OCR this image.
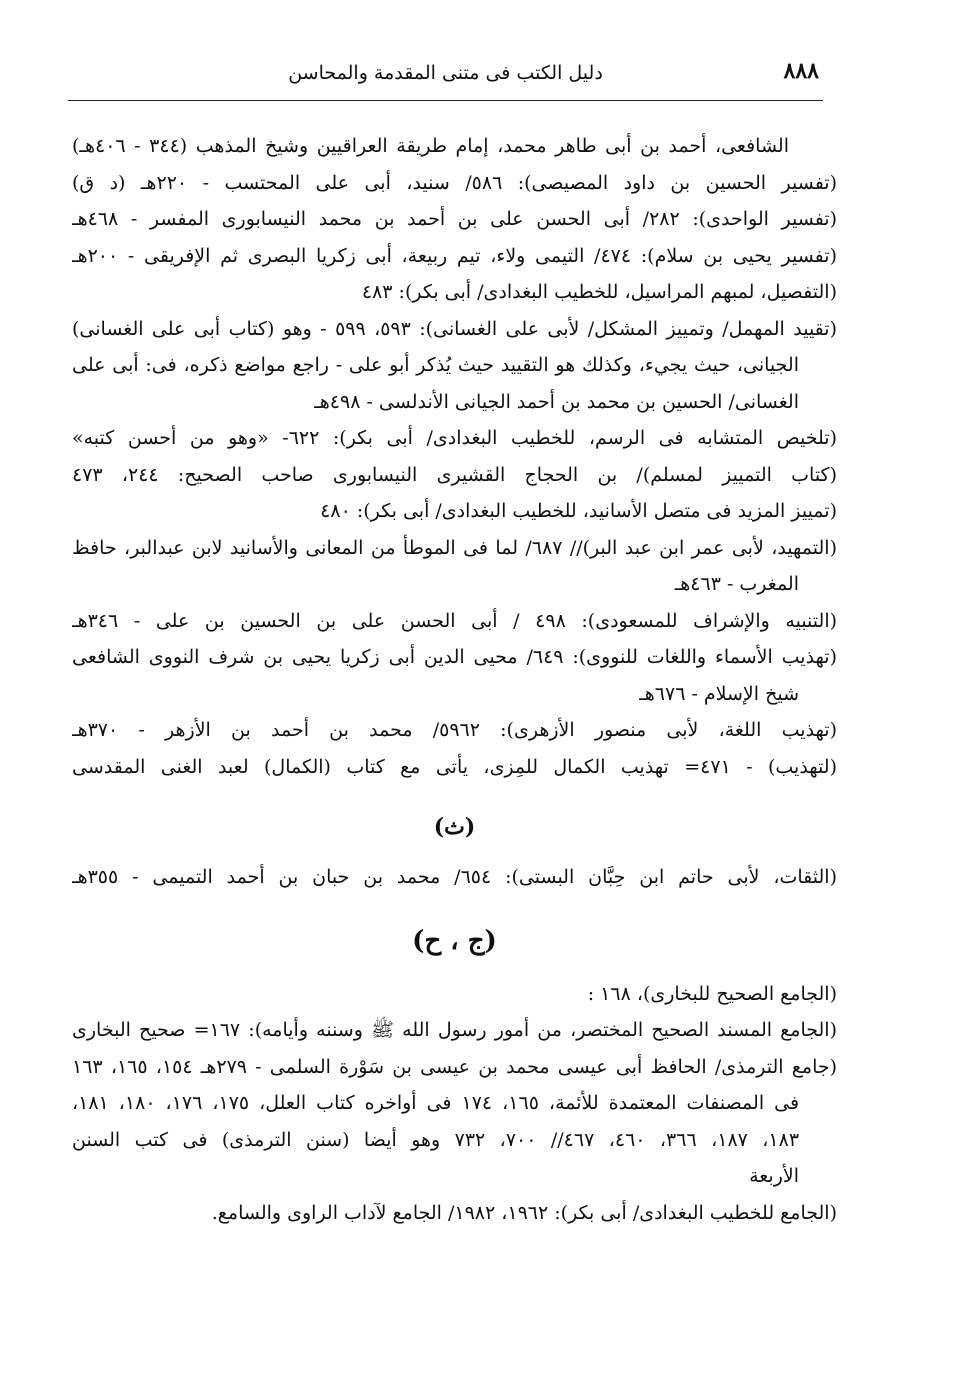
٨٨٨
دليل الكتب فى متنى المقدمة والمحاسن
الشافعى، أحمد بن أبى طاهر محمد، إمام طريقة العراقيين وشيخ المذهب (٣٤٤ - ٤٠٦هـ)
(تفسير الحسين بن داود المصيصى): ٥٨٦/ سنيد، أبى على المحتسب - ٢٢٠هـ (د ق)
(تفسير الواحدى): ٢٨٢/ أبى الحسن على بن أحمد بن محمد النيسابورى المفسر - ٤٦٨هـ
(تفسير يحيى بن سلام): ٤٧٤/ التيمى ولاء، تيم ربيعة، أبى زكريا البصرى ثم الإفريقى - ٢٠٠هـ
(التفصيل، لمبهم المراسيل، للخطيب البغدادى/ أبى بكر): ٤٨٣
(تقييد المهمل/ وتمييز المشكل/ لأبى على الغسانى): ٥٩٣، ٥٩٩ - وهو (كتاب أبى على الغسانى)
الجيانى، حيث يجيء، وكذلك هو التقييد حيث يُذكر أبو على - راجع مواضع ذكره، فى: أبى على
الغسانى/ الحسين بن محمد بن أحمد الجيانى الأندلسى - ٤٩٨هـ
(تلخيص المتشابه فى الرسم، للخطيب البغدادى/ أبى بكر): ٦٢٢- «وهو من أحسن كتبه»
(كتاب التمييز لمسلم)/ بن الحجاج القشيرى النيسابورى صاحب الصحيح: ٢٤٤، ٤٧٣
(تمييز المزيد فى متصل الأسانيد، للخطيب البغدادى/ أبى بكر): ٤٨٠
(التمهيد، لأبى عمر ابن عبد البر)// ٦٨٧/ لما فى الموطأ من المعانى والأسانيد لابن عبدالبر، حافظ
المغرب - ٤٦٣هـ
(التنبيه والإشراف للمسعودى): ٤٩٨ / أبى الحسن على بن الحسين بن على - ٣٤٦هـ
(تهذيب الأسماء واللغات للنووى): ٦٤٩/ محيى الدين أبى زكريا يحيى بن شرف النووى الشافعى
شيخ الإسلام - ٦٧٦هـ
(تهذيب اللغة، لأبى منصور الأزهرى): ٥٩٦٢/ محمد بن أحمد بن الأزهر - ٣٧٠هـ
(لتهذيب) - ٤٧١= تهذيب الكمال للمِزى، يأتى مع كتاب (الكمال) لعبد الغنى المقدسى
(ث)
(الثقات، لأبى حاتم ابن حِبَّان البستى): ٦٥٤/ محمد بن حبان بن أحمد التميمى - ٣٥٥هـ
(ج ، ح)
(الجامع الصحيح للبخارى)، ١٦٨ :
(الجامع المسند الصحيح المختصر، من أمور رسول الله ﷺ وسننه وأيامه): ١٦٧= صحيح البخارى
(جامع الترمذى/ الحافظ أبى عيسى محمد بن عيسى بن سَوْرة السلمى - ٢٧٩هـ ١٥٤، ١٦٥، ١٦٣
فى المصنفات المعتمدة للأئمة، ١٦٥، ١٧٤ فى أواخره كتاب العلل، ١٧٥، ١٧٦، ١٨٠، ١٨١،
١٨٣، ١٨٧، ٣٦٦، ٤٦٠، ٤٦٧// ٧٠٠، ٧٣٢ وهو أيضا (سنن الترمذى) فى كتب السنن
الأربعة
(الجامع للخطيب البغدادى/ أبى بكر): ١٩٦٢، ١٩٨٢/ الجامع لآداب الراوى والسامع.
